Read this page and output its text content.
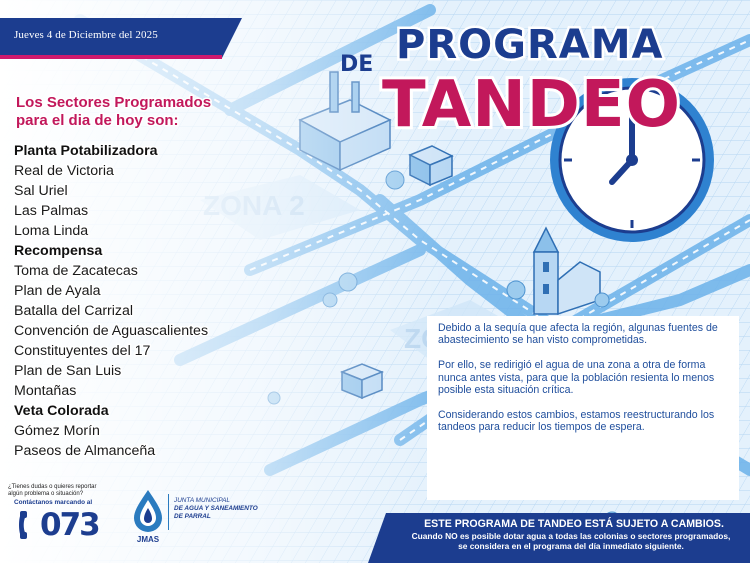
Jueves 4 de Diciembre del 2025	PROGRAMA
DE
TANDEO
Los Sectores Programados
para el dia de hoy son:
Planta Potabilizadora
Real de Victoria
Sal Uriel
Las Palmas
Loma Linda
Recompensa
Toma de Zacatecas
Plan de Ayala
Batalla del Carrizal
Convención de Aguascalientes
Constituyentes del 17
Plan de San Luis
Montañas
Veta Colorada
Gómez Morín
Paseos de Almanceña

Debido a la sequía que afecta la región, algunas fuentes de abastecimiento se han visto comprometidas.

Por ello, se redirigió el agua de una zona a otra de forma nunca antes vista, para que la población resienta lo menos posible esta situación crítica.

Considerando estos cambios, estamos reestructurando los tandeos para reducir los tiempos de espera.

ESTE PROGRAMA DE TANDEO ESTÁ SUJETO A CAMBIOS.
Cuando NO es posible dotar agua a todas las colonias o sectores programados,
se considera en el programa del día inmediato siguiente.
¿Tienes dudas o quieres reportar
algún problema o situación?
Contáctanos marcando al
073	JMAS
JUNTA MUNICIPAL
DE AGUA Y SANEAMIENTO
DE PARRAL
